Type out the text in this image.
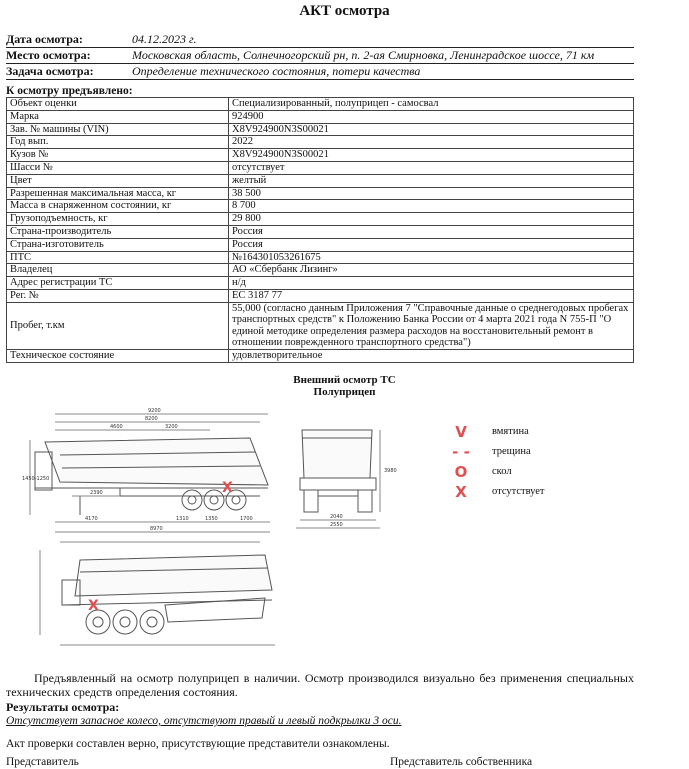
АКТ осмотра
Дата осмотра:	04.12.2023 г.
Место осмотра:	Московская область, Солнечногорский рн, п. 2-ая Смирновка, Ленинградское шоссе, 71 км
Задача осмотра:	Определение технического состояния, потери качества
К осмотру предъявлено:
Объект оценки	Специализированный, полуприцеп - самосвал
Марка	924900
Зав. № машины (VIN)	X8V924900N3S00021
Год вып.	2022
Кузов №	X8V924900N3S00021
Шасси №	отсутствует
Цвет	желтый
Разрешенная максимальная масса, кг	38 500
Масса в снаряженном состоянии, кг	8 700
Грузоподъемность, кг	29 800
Страна-производитель	Россия
Страна-изготовитель	Россия
ПТС	№164301053261675
Владелец	АО «Сбербанк Лизинг»
Адрес регистрации ТС	н/д
Рег. №	ЕС 3187 77
Пробег, т.км	55,000 (согласно данным Приложения 7 "Справочные данные о среднегодовых пробегах транспортных средств" к Положению Банка России от 4 марта 2021 года N 755-П "О единой методике определения размера расходов на восстановительный ремонт в отношении поврежденного транспортного средства")
Техническое состояние	удовлетворительное
Внешний осмотр ТС
Полуприцеп
9200
8200
4600	3200
2390
4170	1310	1350	1700
8970
2040
2550
3980
1450-1250
X
X
V	вмятина
- - трещина
O	скол
X	отсутствует
Предъявленный на осмотр полуприцеп в наличии. Осмотр производился визуально без применения специальных технических средств определения состояния.
Результаты осмотра:
Отсутствует запасное колесо, отсутствуют правый и левый подкрылки 3 оси.
Акт проверки составлен верно, присутствующие представители ознакомлены.
Представитель	Представитель собственника
